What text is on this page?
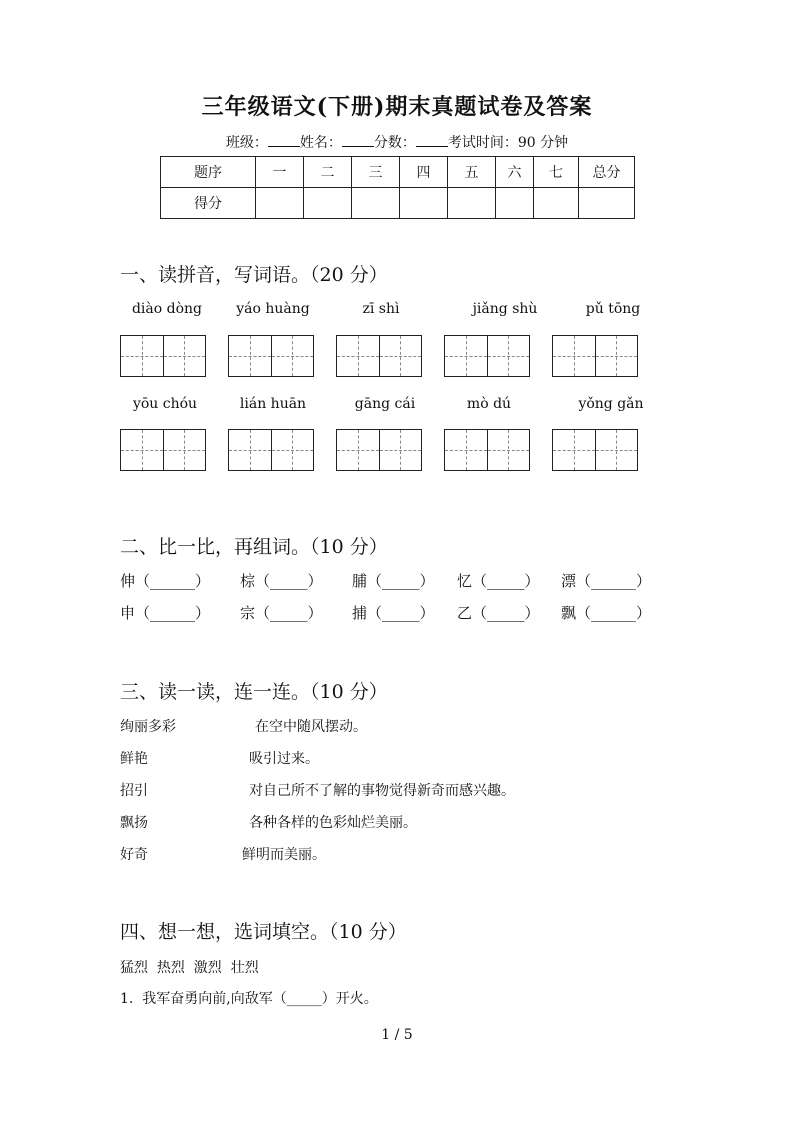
三年级语文(下册)期末真题试卷及答案
班级： 姓名： 分数： 考试时间：90 分钟
题序	一	二	三	四	五	六	七	总分
得分								
一、读拼音，写词语。（20 分）
diào dòng	yáo huàng	zī shì	jiǎng shù	pǔ tōng
yōu chóu	lián huān	gāng cái	mò dú	yǒng gǎn
二、比一比，再组词。（10 分）
伸（______） 棕（_____） 脯（_____） 忆（_____） 漂（______）
申（______） 宗（_____） 捕（_____） 乙（_____） 飘（______）
三、读一读，连一连。（10 分）
绚丽多彩	在空中随风摆动。
鲜艳	吸引过来。
招引	对自己所不了解的事物觉得新奇而感兴趣。
飘扬	各种各样的色彩灿烂美丽。
好奇	鲜明而美丽。
四、想一想，选词填空。（10 分）
猛烈  热烈  激烈  壮烈
1.  我军奋勇向前,向敌军（_____）开火。
1 / 5
